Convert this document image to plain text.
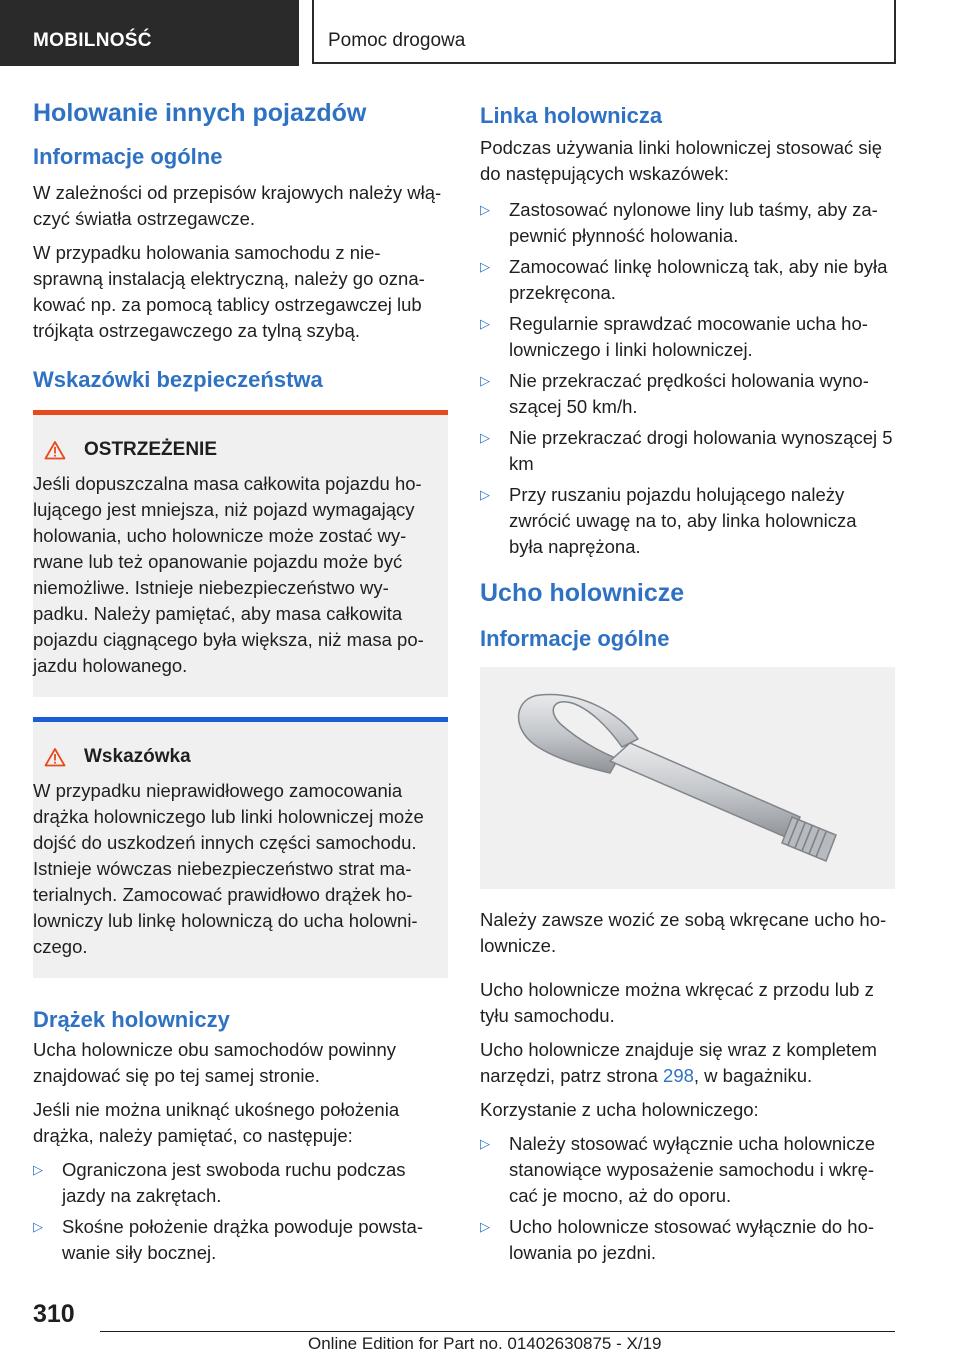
MOBILNOŚĆ	Pomoc drogowa
Holowanie innych pojazdów
Informacje ogólne

W zależności od przepisów krajowych należy włą-czyć światła ostrzegawcze.

W przypadku holowania samochodu z nie-sprawną instalacją elektryczną, należy go ozna-kować np. za pomocą tablicy ostrzegawczej lub trójkąta ostrzegawczego za tylną szybą.

Wskazówki bezpieczeństwa
OSTRZEŻENIE

Jeśli dopuszczalna masa całkowita pojazdu ho-lującego jest mniejsza, niż pojazd wymagający holowania, ucho holownicze może zostać wy-rwane lub też opanowanie pojazdu może być niemożliwe. Istnieje niebezpieczeństwo wy-padku. Należy pamiętać, aby masa całkowita pojazdu ciągnącego była większa, niż masa po-jazdu holowanego.

Wskazówka

W przypadku nieprawidłowego zamocowania drążka holowniczego lub linki holowniczej może dojść do uszkodzeń innych części samochodu. Istnieje wówczas niebezpieczeństwo strat ma-terialnych. Zamocować prawidłowo drążek ho-lowniczy lub linkę holowniczą do ucha holowni-czego.

Drążek holowniczy

Ucha holownicze obu samochodów powinny znajdować się po tej samej stronie.

Jeśli nie można uniknąć ukośnego położenia drążka, należy pamiętać, co następuje:

▷ Ograniczona jest swoboda ruchu podczas jazdy na zakrętach.
▷ Skośne położenie drążka powoduje powsta-wanie siły bocznej.
Linka holownicza

Podczas używania linki holowniczej stosować się do następujących wskazówek:

▷ Zastosować nylonowe liny lub taśmy, aby za-pewnić płynność holowania.
▷ Zamocować linkę holowniczą tak, aby nie była przekręcona.
▷ Regularnie sprawdzać mocowanie ucha ho-lowniczego i linki holowniczej.
▷ Nie przekraczać prędkości holowania wyno-szącej 50 km/h.
▷ Nie przekraczać drogi holowania wynoszącej 5 km
▷ Przy ruszaniu pojazdu holującego należy zwrócić uwagę na to, aby linka holownicza była naprężona.
Ucho holownicze
Informacje ogólne

Należy zawsze wozić ze sobą wkręcane ucho ho-lownicze.

Ucho holownicze można wkręcać z przodu lub z tyłu samochodu.

Ucho holownicze znajduje się wraz z kompletem narzędzi, patrz strona 298, w bagażniku.

Korzystanie z ucha holowniczego:

▷ Należy stosować wyłącznie ucha holownicze stanowiące wyposażenie samochodu i wkrę-cać je mocno, aż do oporu.
▷ Ucho holownicze stosować wyłącznie do ho-lowania po jezdni.
310
Online Edition for Part no. 01402630875 - X/19
